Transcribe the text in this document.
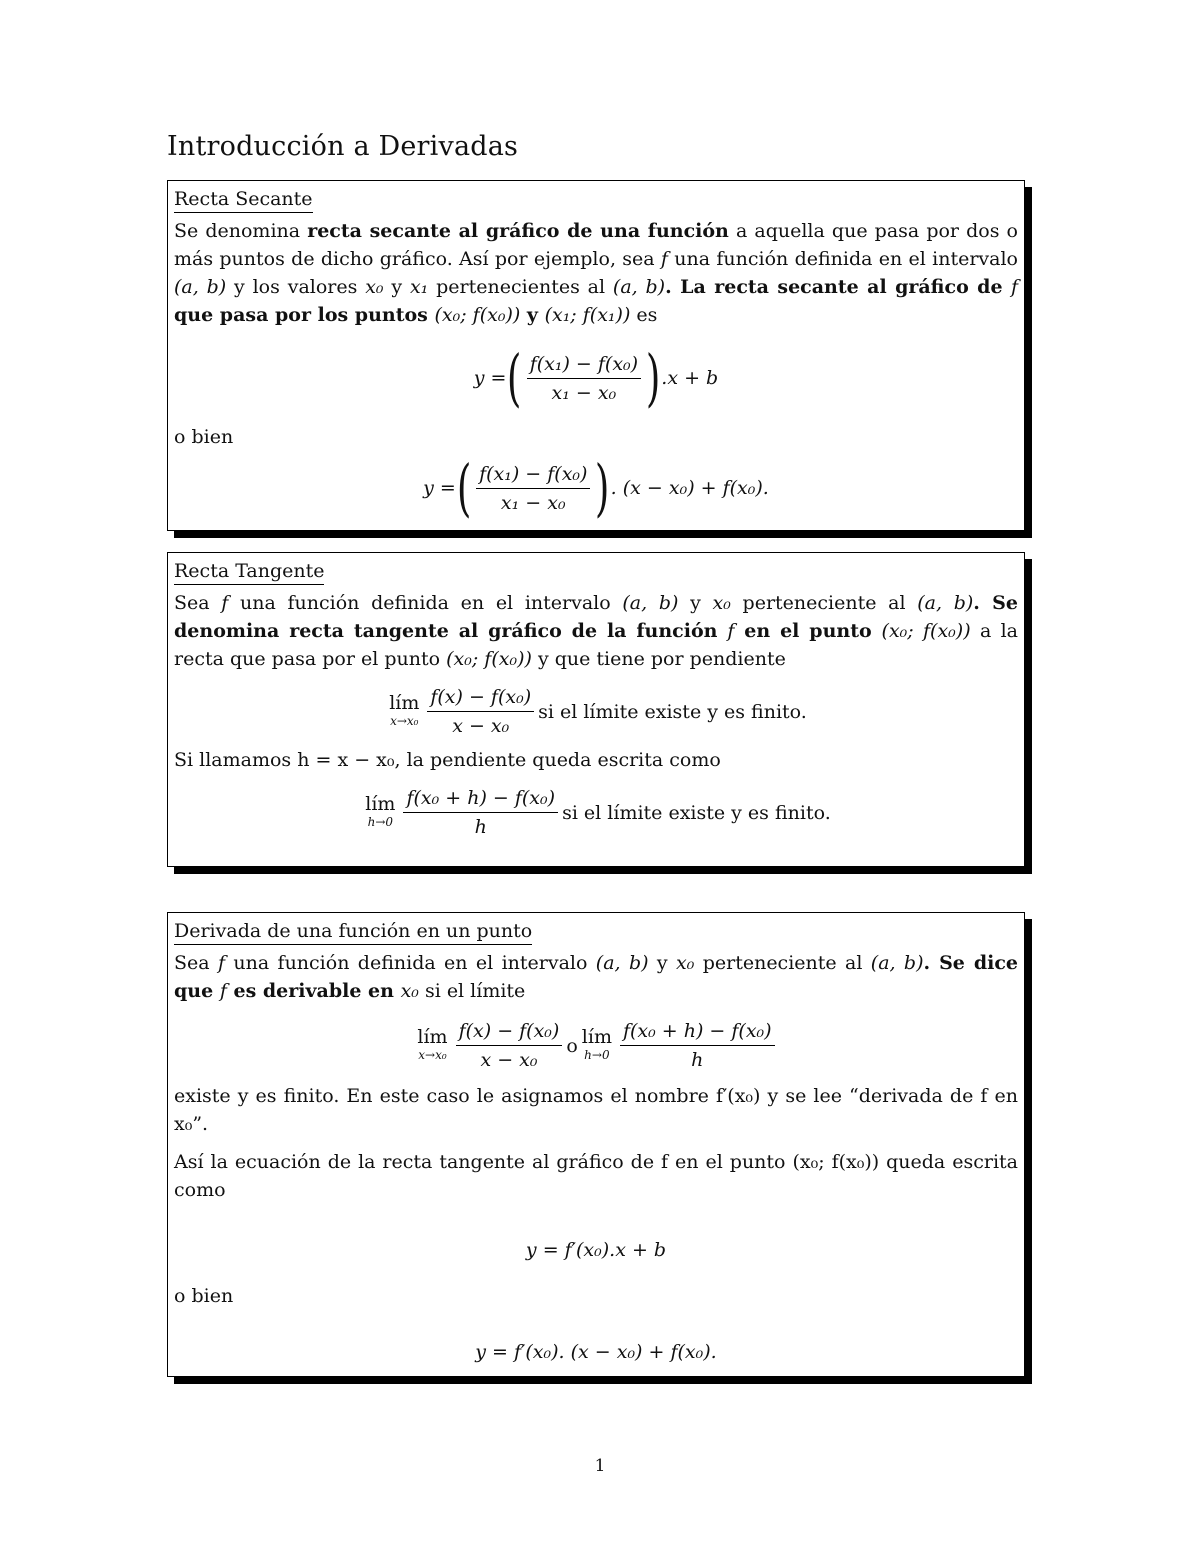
Introducción a Derivadas
Recta Secante

Se denomina recta secante al gráfico de una función a aquella que pasa por dos o más puntos de dicho gráfico. Así por ejemplo, sea f una función definida en el intervalo (a, b) y los valores x₀ y x₁ pertenecientes al (a, b). La recta secante al gráfico de f que pasa por los puntos (x₀; f(x₀)) y (x₁; f(x₁)) es

y = ( $\frac{\text{f(x₁) − f(x₀)}}{\text{x₁ − x₀}}$ ) .x + b

o bien

y = ( $\frac{\text{f(x₁) − f(x₀)}}{\text{x₁ − x₀}}$ ) . (x − x₀) + f(x₀).
Recta Tangente

Sea f una función definida en el intervalo (a, b) y x₀ perteneciente al (a, b). Se denomina recta tangente al gráfico de la función f en el punto (x₀; f(x₀)) a la recta que pasa por el punto (x₀; f(x₀)) y que tiene por pendiente

lím
$x\to x_0 \frac{\text{f(x) − f(x₀)}}{\text{x − x₀}}$ si el límite existe y es finito.

Si llamamos h = x − x₀, la pendiente queda escrita como

lím
$h\to 0 \frac{\text{f(x₀ + h) − f(x₀)}}{h}$ si el límite existe y es finito.
Derivada de una función en un punto

Sea f una función definida en el intervalo (a, b) y x₀ perteneciente al (a, b). Se dice que f es derivable en x₀ si el límite

lím
$x\to x_0 \frac{\text{f(x) − f(x₀)}}{\text{x − x₀}}$ o lím
$h\to 0 \frac{\text{f(x₀ + h) − f(x₀)}}{h}$

existe y es finito. En este caso le asignamos el nombre f′(x₀) y se lee “derivada de f en x₀”.

Así la ecuación de la recta tangente al gráfico de f en el punto (x₀; f(x₀)) queda escrita como

y = f′(x₀).x + b

o bien

y = f′(x₀). (x − x₀) + f(x₀).
1
